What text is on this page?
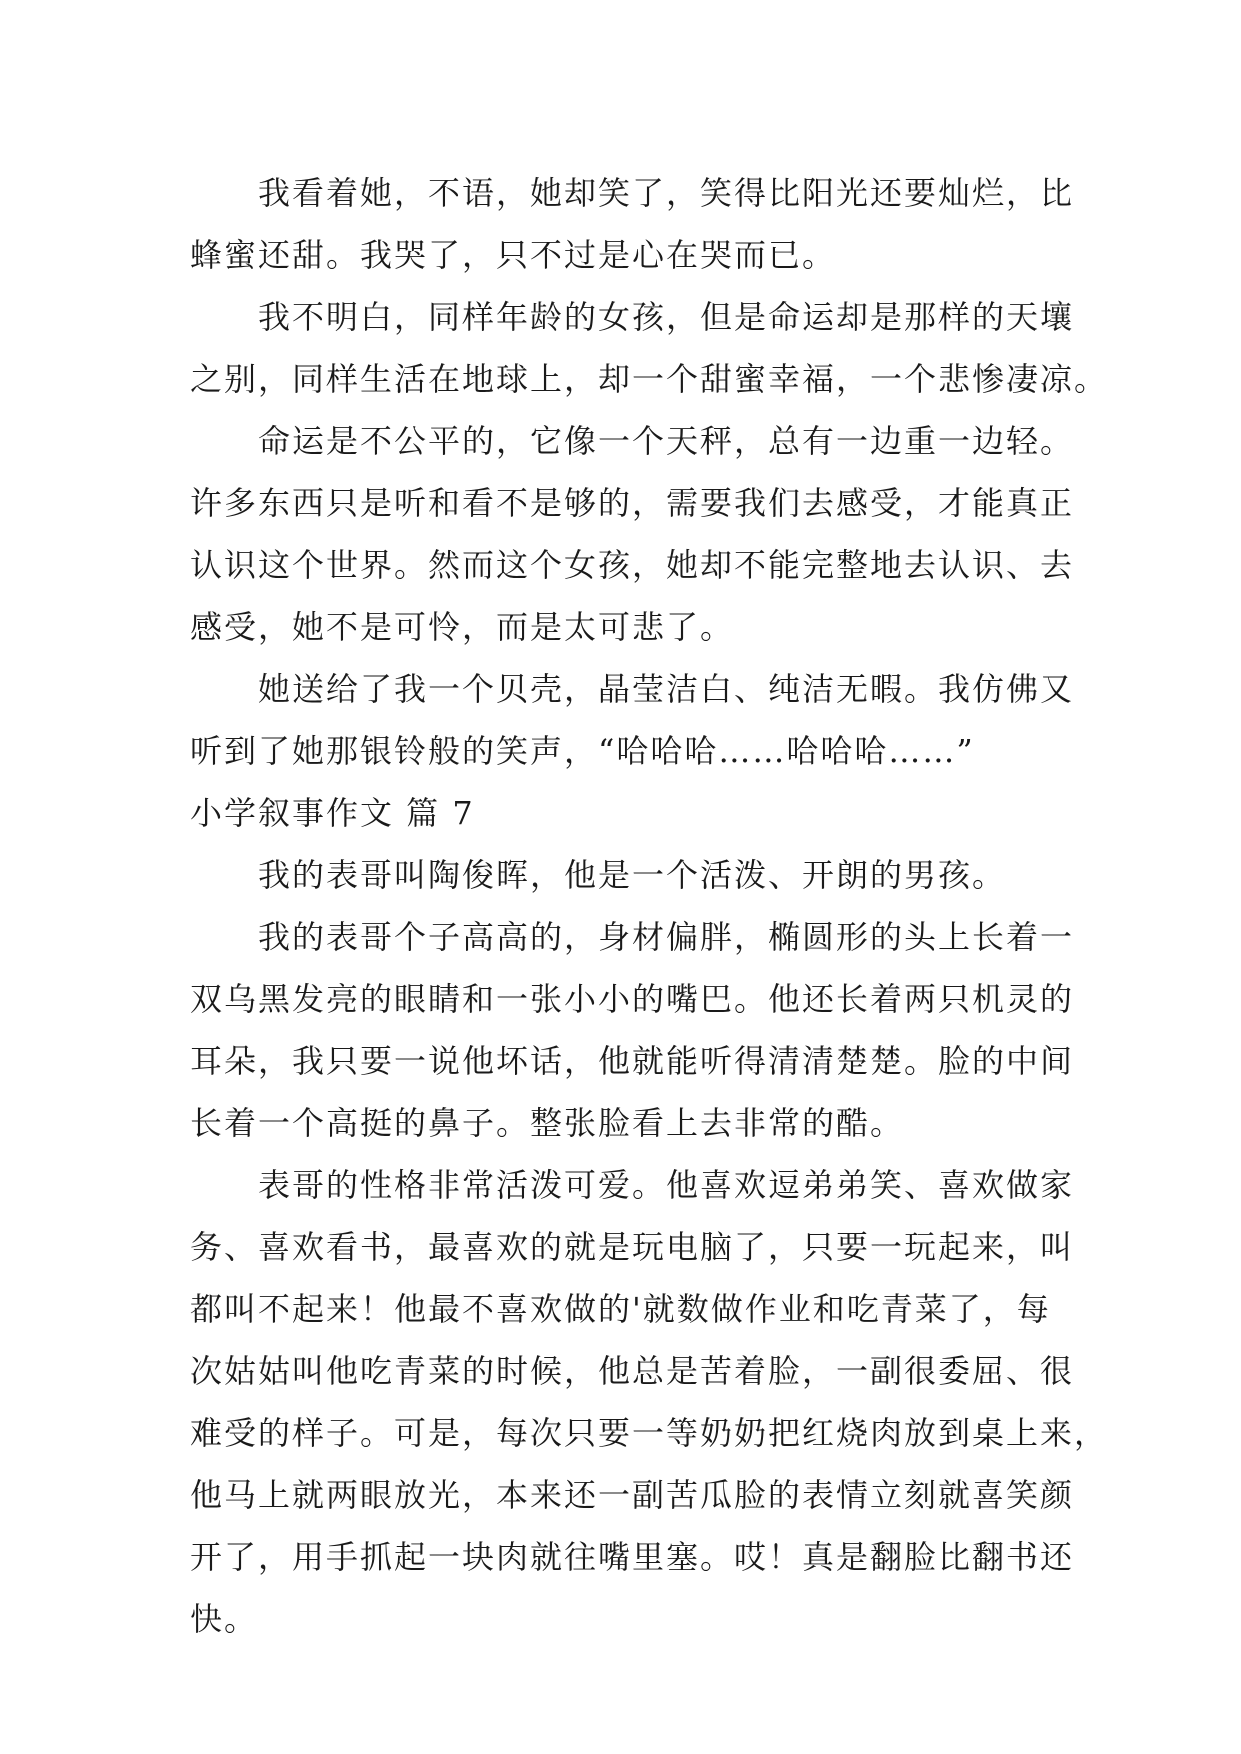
我看着她，不语，她却笑了，笑得比阳光还要灿烂，比
蜂蜜还甜。我哭了，只不过是心在哭而已。
我不明白，同样年龄的女孩，但是命运却是那样的天壤
之别，同样生活在地球上，却一个甜蜜幸福，一个悲惨凄凉。
命运是不公平的，它像一个天秤，总有一边重一边轻。
许多东西只是听和看不是够的，需要我们去感受，才能真正
认识这个世界。然而这个女孩，她却不能完整地去认识、去
感受，她不是可怜，而是太可悲了。
她送给了我一个贝壳，晶莹洁白、纯洁无暇。我仿佛又
听到了她那银铃般的笑声，“哈哈哈……哈哈哈……”
小学叙事作文 篇 7
我的表哥叫陶俊晖，他是一个活泼、开朗的男孩。
我的表哥个子高高的，身材偏胖，椭圆形的头上长着一
双乌黑发亮的眼睛和一张小小的嘴巴。他还长着两只机灵的
耳朵，我只要一说他坏话，他就能听得清清楚楚。脸的中间
长着一个高挺的鼻子。整张脸看上去非常的酷。
表哥的性格非常活泼可爱。他喜欢逗弟弟笑、喜欢做家
务、喜欢看书，最喜欢的就是玩电脑了，只要一玩起来，叫
都叫不起来！他最不喜欢做的'就数做作业和吃青菜了，每
次姑姑叫他吃青菜的时候，他总是苦着脸，一副很委屈、很
难受的样子。可是，每次只要一等奶奶把红烧肉放到桌上来，
他马上就两眼放光，本来还一副苦瓜脸的表情立刻就喜笑颜
开了，用手抓起一块肉就往嘴里塞。哎！真是翻脸比翻书还
快。
